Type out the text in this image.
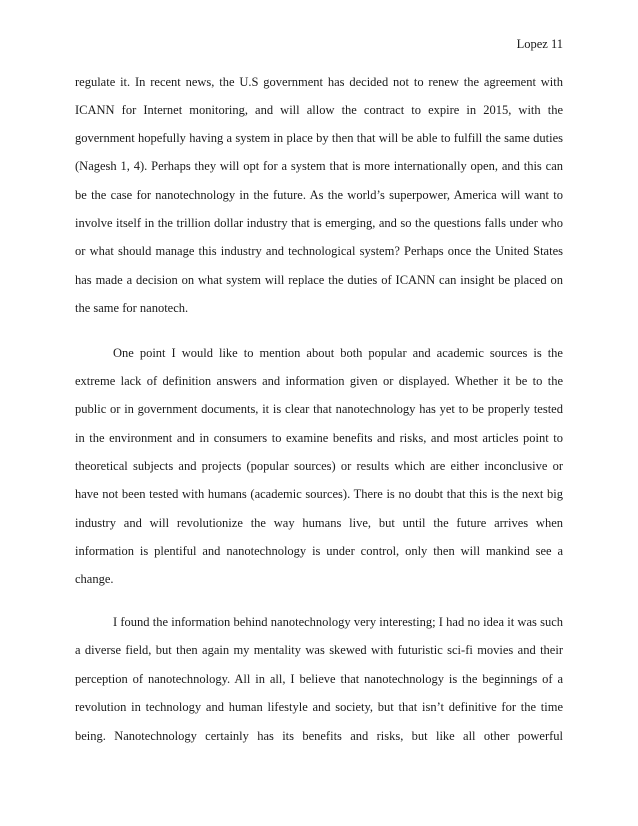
Lopez 11
regulate it. In recent news, the U.S government has decided not to renew the agreement with
ICANN for Internet monitoring, and will allow the contract to expire in 2015, with the
government hopefully having a system in place by then that will be able to fulfill the same duties
(Nagesh 1, 4). Perhaps they will opt for a system that is more internationally open, and this can
be the case for nanotechnology in the future. As the world’s superpower, America will want to
involve itself in the trillion dollar industry that is emerging, and so the questions falls under who
or what should manage this industry and technological system? Perhaps once the United States
has made a decision on what system will replace the duties of ICANN can insight be placed on
the same for nanotech.
One point I would like to mention about both popular and academic sources is the
extreme lack of definition answers and information given or displayed. Whether it be to the
public or in government documents, it is clear that nanotechnology has yet to be properly tested
in the environment and in consumers to examine benefits and risks, and most articles point to
theoretical subjects and projects (popular sources) or results which are either inconclusive or
have not been tested with humans (academic sources). There is no doubt that this is the next big
industry and will revolutionize the way humans live, but until the future arrives when
information is plentiful and nanotechnology is under control, only then will mankind see a
change.
I found the information behind nanotechnology very interesting; I had no idea it was such
a diverse field, but then again my mentality was skewed with futuristic sci-fi movies and their
perception of nanotechnology. All in all, I believe that nanotechnology is the beginnings of a
revolution in technology and human lifestyle and society, but that isn’t definitive for the time
being. Nanotechnology certainly has its benefits and risks, but like all other powerful
